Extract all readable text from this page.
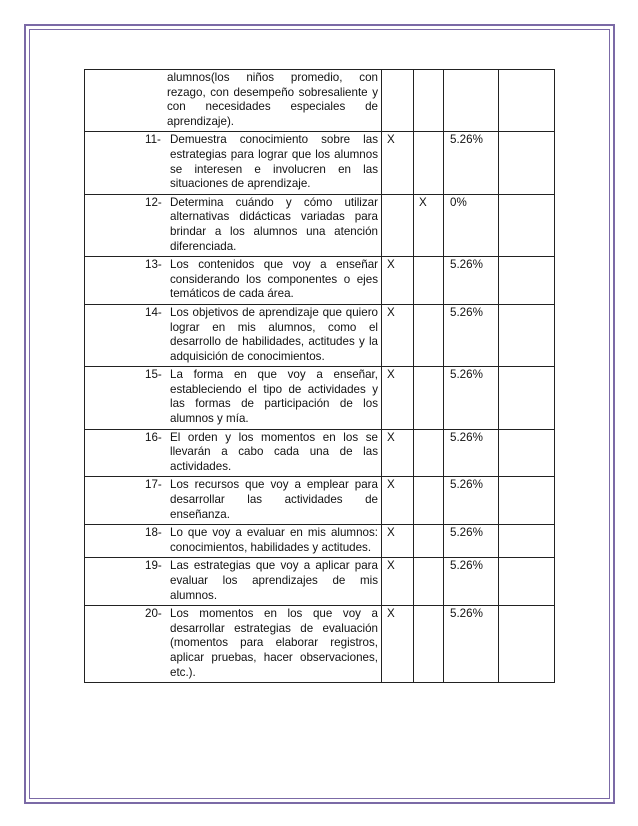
alumnos(los niños promedio, con rezago, con desempeño sobresaliente y con necesidades especiales de aprendizaje).				

11- Demuestra conocimiento sobre las estrategias para lograr que los alumnos se interesen e involucren en las situaciones de aprendizaje.	X		5.26%	

12- Determina cuándo y cómo utilizar alternativas didácticas variadas para brindar a los alumnos una atención diferenciada.		X	0%	

13- Los contenidos que voy a enseñar considerando los componentes o ejes temáticos de cada área.	X		5.26%	

14- Los objetivos de aprendizaje que quiero lograr en mis alumnos, como el desarrollo de habilidades, actitudes y la adquisición de conocimientos.	X		5.26%	

15- La forma en que voy a enseñar, estableciendo el tipo de actividades y las formas de participación de los alumnos y mía.	X		5.26%	

16- El orden y los momentos en los se llevarán a cabo cada una de las actividades.	X		5.26%	

17- Los recursos que voy a emplear para desarrollar las actividades de enseñanza.	X		5.26%	

18- Lo que voy a evaluar en mis alumnos: conocimientos, habilidades y actitudes.	X		5.26%	

19- Las estrategias que voy a aplicar para evaluar los aprendizajes de mis alumnos.	X		5.26%	

20- Los momentos en los que voy a desarrollar estrategias de evaluación (momentos para elaborar registros, aplicar pruebas, hacer observaciones, etc.).	X		5.26%	
